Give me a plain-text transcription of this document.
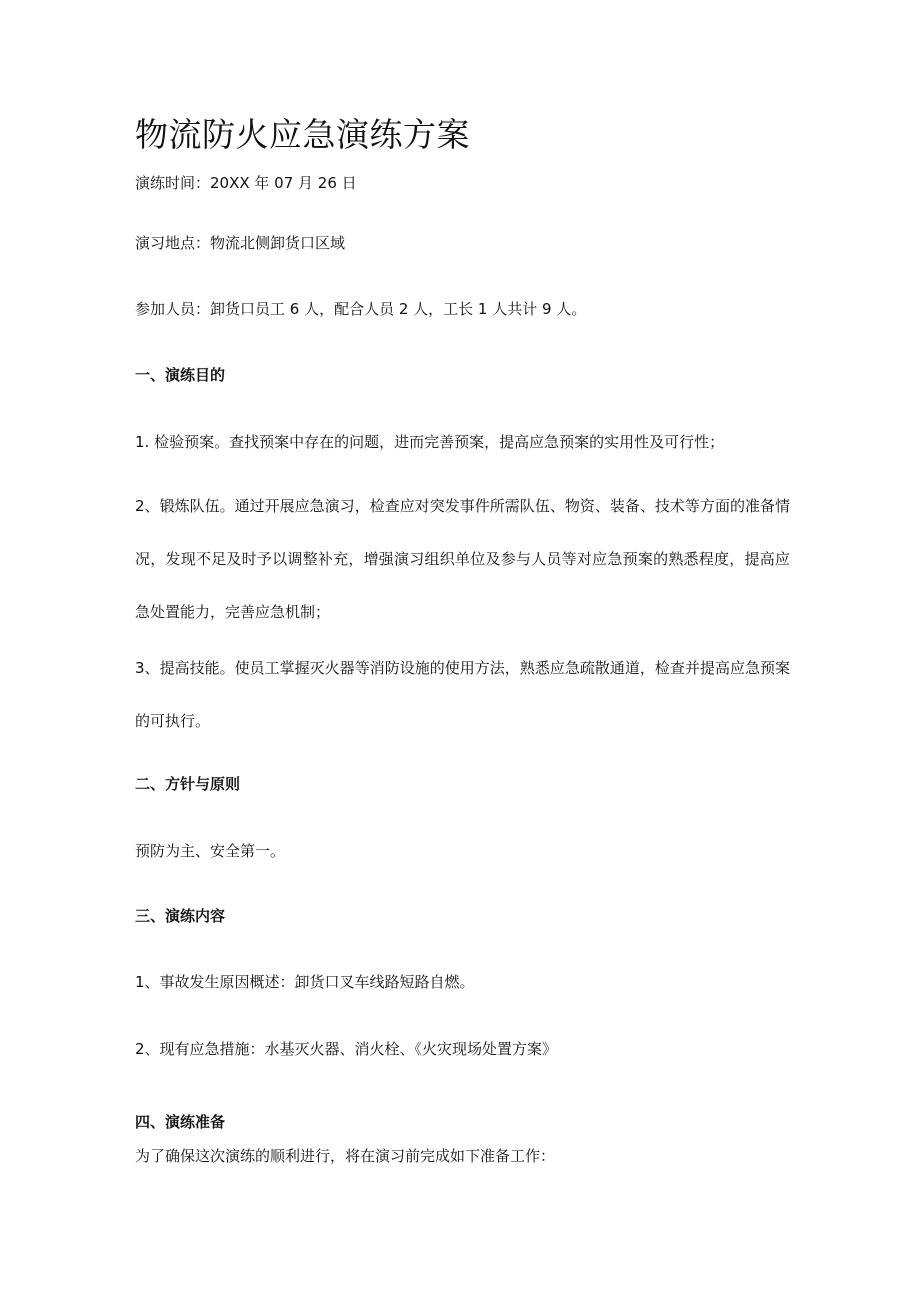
物流防火应急演练方案
演练时间：20XX 年 07 月 26 日
演习地点：物流北侧卸货口区域
参加人员：卸货口员工 6 人，配合人员 2 人，工长 1 人共计 9 人。
一、演练目的
1. 检验预案。查找预案中存在的问题，进而完善预案，提高应急预案的实用性及可行性；

2、锻炼队伍。通过开展应急演习，检查应对突发事件所需队伍、物资、装备、技术等方面的准备情况，发现不足及时予以调整补充，增强演习组织单位及参与人员等对应急预案的熟悉程度，提高应急处置能力，完善应急机制；

3、提高技能。使员工掌握灭火器等消防设施的使用方法，熟悉应急疏散通道，检查并提高应急预案的可执行。

二、方针与原则
预防为主、安全第一。
三、演练内容
1、事故发生原因概述：卸货口叉车线路短路自燃。
2、现有应急措施：水基灭火器、消火栓、《火灾现场处置方案》
四、演练准备
为了确保这次演练的顺利进行，将在演习前完成如下准备工作：
